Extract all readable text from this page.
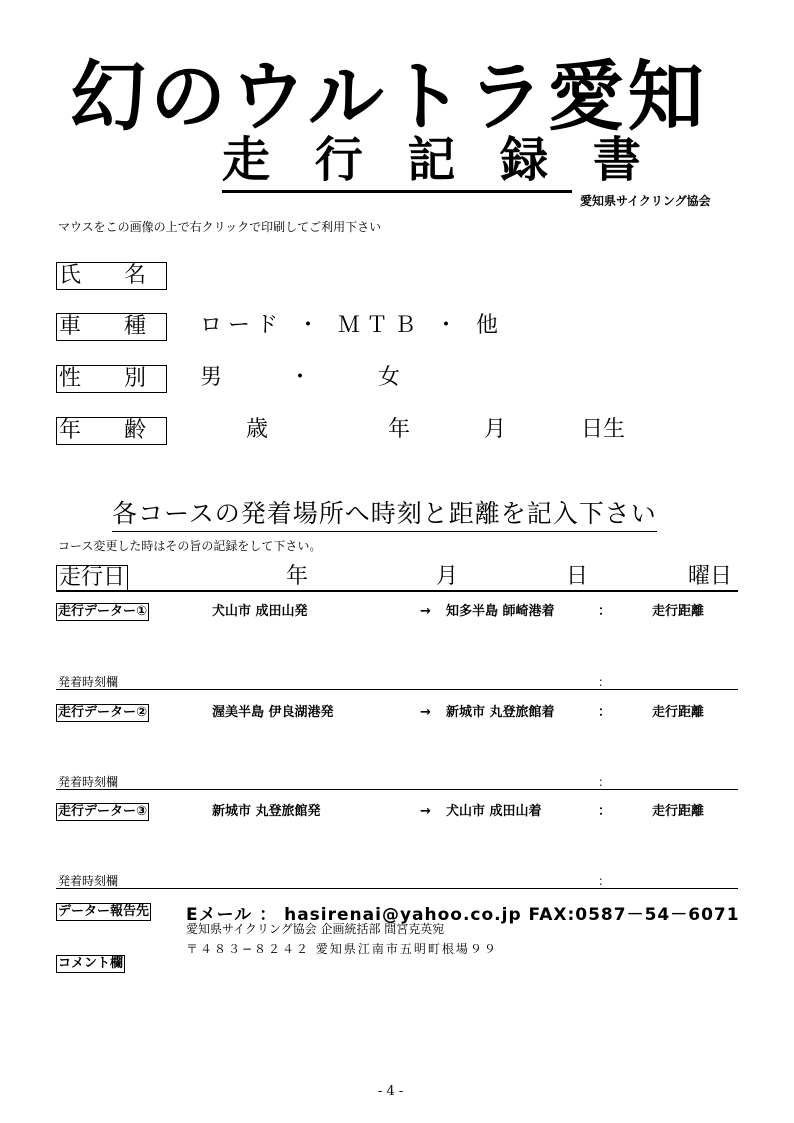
幻のウルトラ愛知
走 行 記 録 書
愛知県サイクリング協会
マウスをこの画像の上で右クリックで印刷してご利用下さい
氏 名
車 種 ロード ・ ＭＴＢ ・ 他
性 別 男 ・ 女
年 齢	歳	年	月	日生
各コースの発着場所へ時刻と距離を記入下さい
コース変更した時はその旨の記録をして下さい。
走行日	年	月	日	曜日
走行データー①	犬山市 成田山発	→ 知多半島 師崎港着	：	走行距離
発着時刻欄	：
走行データー②	渥美半島 伊良湖港発	→ 新城市 丸登旅館着	：	走行距離
発着時刻欄	：
走行データー③	新城市 丸登旅館発	→ 犬山市 成田山着	：	走行距離
発着時刻欄	：
データー報告先 Eメール ： hasirenai@yahoo.co.jp FAX:0587－54－6071
愛知県サイクリング協会 企画統括部 間宮克英宛
〒４８３−８２４２ 愛知県江南市五明町根場９９
コメント欄
- 4 -
